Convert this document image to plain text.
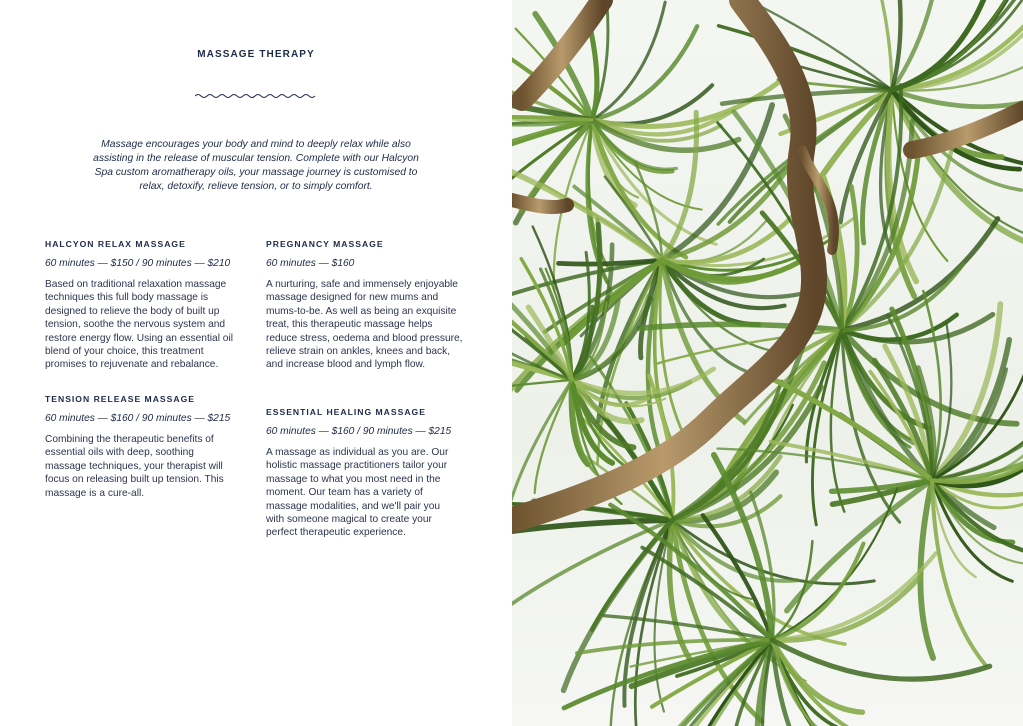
MASSAGE THERAPY
Massage encourages your body and mind to deeply relax while also assisting in the release of muscular tension. Complete with our Halcyon Spa custom aromatherapy oils, your massage journey is customised to relax, detoxify, relieve tension, or to simply comfort.
HALCYON RELAX MASSAGE
60 minutes — $150 / 90 minutes — $210
Based on traditional relaxation massage techniques this full body massage is designed to relieve the body of built up tension, soothe the nervous system and restore energy flow. Using an essential oil blend of your choice, this treatment promises to rejuvenate and rebalance.
TENSION RELEASE MASSAGE
60 minutes — $160 / 90 minutes — $215
Combining the therapeutic benefits of essential oils with deep, soothing massage techniques, your therapist will focus on releasing built up tension. This massage is a cure-all.
PREGNANCY MASSAGE
60 minutes — $160
A nurturing, safe and immensely enjoyable massage designed for new mums and mums-to-be. As well as being an exquisite treat, this therapeutic massage helps reduce stress, oedema and blood pressure, relieve strain on ankles, knees and back, and increase blood and lymph flow.
ESSENTIAL HEALING MASSAGE
60 minutes — $160 / 90 minutes — $215
A massage as individual as you are. Our holistic massage practitioners tailor your massage to what you most need in the moment. Our team has a variety of massage modalities, and we'll pair you with someone magical to create your perfect therapeutic experience.
